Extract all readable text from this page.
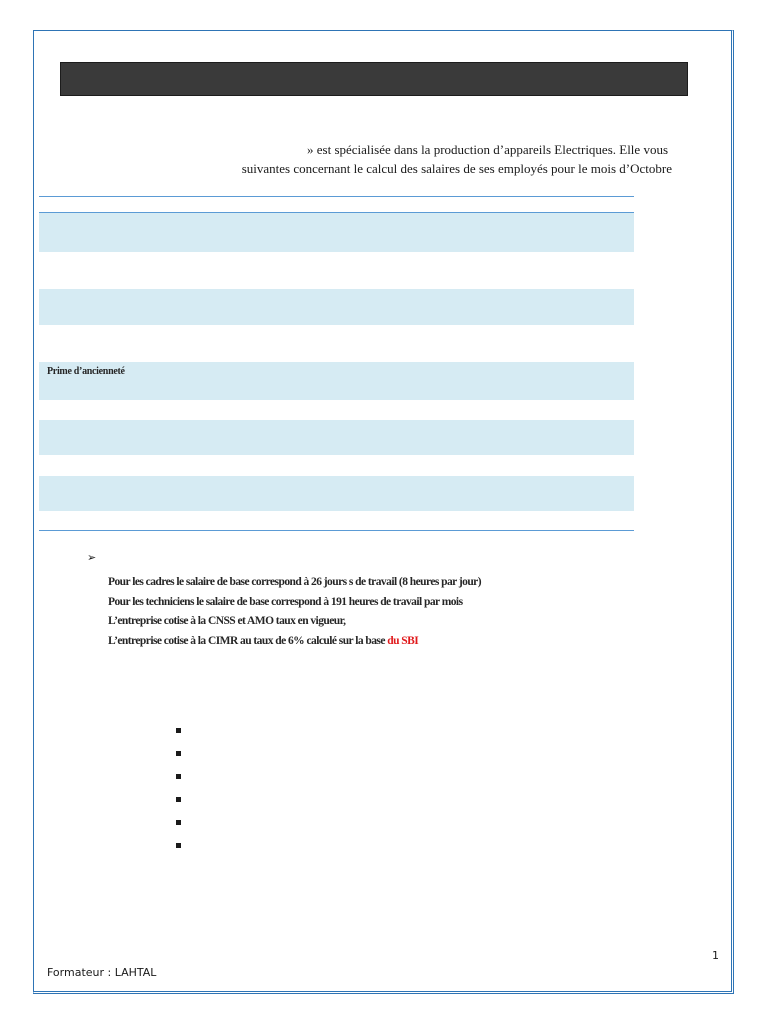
» est spécialisée dans la production d’appareils Electriques. Elle vous
suivantes concernant le calcul des salaires de ses employés pour le mois d’Octobre
Prime d’ancienneté
➢
Pour les cadres le salaire de base correspond à 26 jours s de travail (8 heures par jour)
Pour les techniciens le salaire de base correspond à 191 heures de travail par mois
L’entreprise cotise à la CNSS et AMO taux en vigueur,
L’entreprise cotise à la CIMR au taux de 6% calculé sur la base du SBI
1
Formateur : LAHTAL
